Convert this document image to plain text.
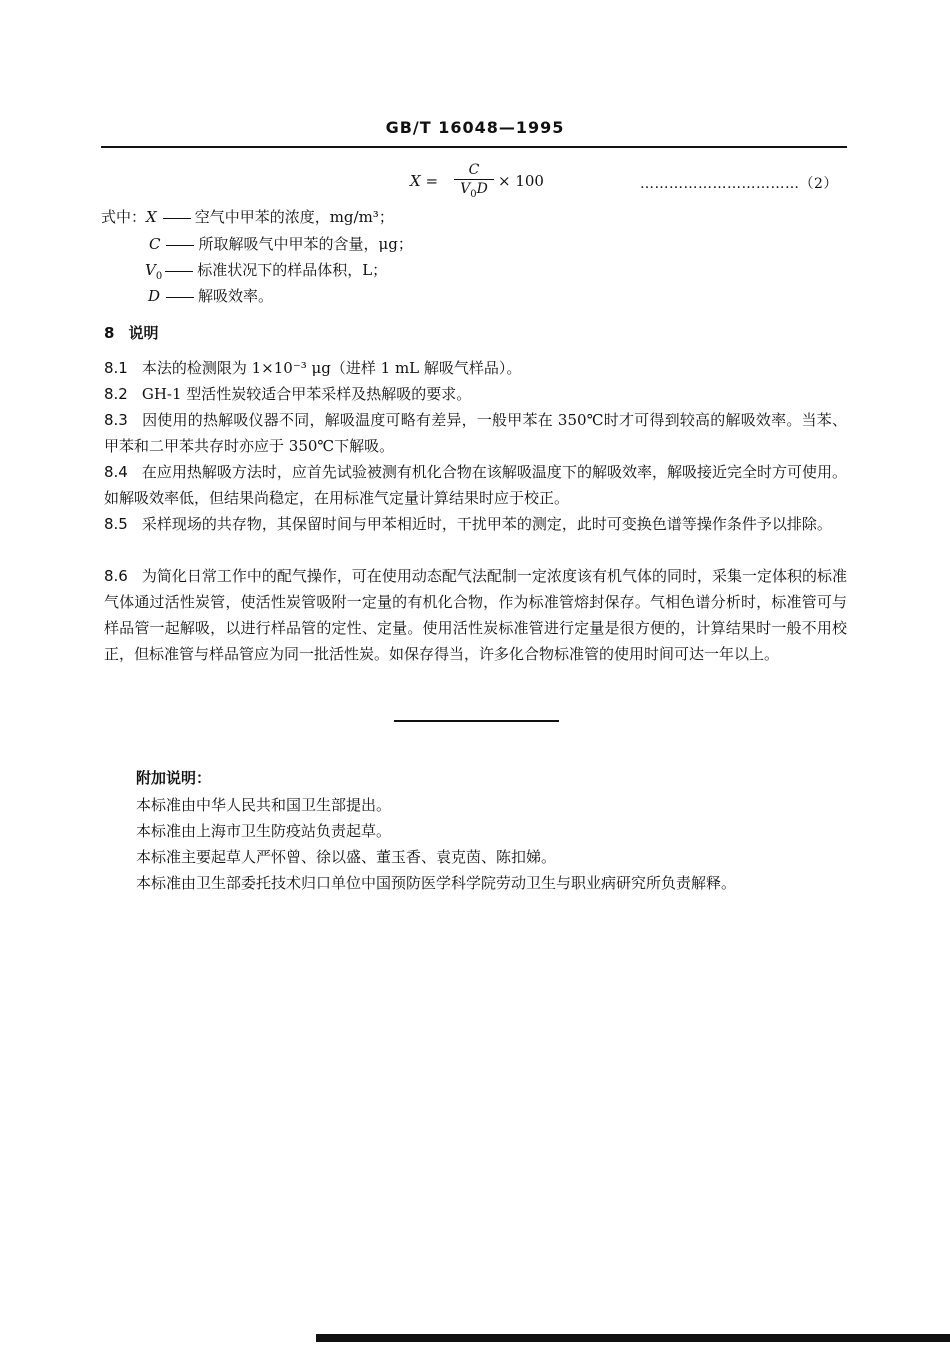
GB/T 16048—1995
X =
C
$V_0D \times 100$	……………………………（2）
式中：X	空气中甲苯的浓度，mg/m³；
C	所取解吸气中甲苯的含量，μg；
$V_0$ 标准状况下的样品体积，L；
D	解吸效率。
8 说明
8.1 本法的检测限为 1×10⁻³ μg（进样 1 mL 解吸气样品）。
8.2 GH-1 型活性炭较适合甲苯采样及热解吸的要求。
8.3 因使用的热解吸仪器不同，解吸温度可略有差异，一般甲苯在 350℃时才可得到较高的解吸效率。当苯、甲苯和二甲苯共存时亦应于 350℃下解吸。
8.4 在应用热解吸方法时，应首先试验被测有机化合物在该解吸温度下的解吸效率，解吸接近完全时方可使用。如解吸效率低，但结果尚稳定，在用标准气定量计算结果时应于校正。
8.5 采样现场的共存物，其保留时间与甲苯相近时，干扰甲苯的测定，此时可变换色谱等操作条件予以排除。
8.6 为简化日常工作中的配气操作，可在使用动态配气法配制一定浓度该有机气体的同时，采集一定体积的标准气体通过活性炭管，使活性炭管吸附一定量的有机化合物，作为标准管熔封保存。气相色谱分析时，标准管可与样品管一起解吸，以进行样品管的定性、定量。使用活性炭标准管进行定量是很方便的，计算结果时一般不用校正，但标准管与样品管应为同一批活性炭。如保存得当，许多化合物标准管的使用时间可达一年以上。
附加说明：
本标准由中华人民共和国卫生部提出。
本标准由上海市卫生防疫站负责起草。
本标准主要起草人严怀曾、徐以盛、董玉香、袁克茵、陈扣娣。
本标准由卫生部委托技术归口单位中国预防医学科学院劳动卫生与职业病研究所负责解释。
